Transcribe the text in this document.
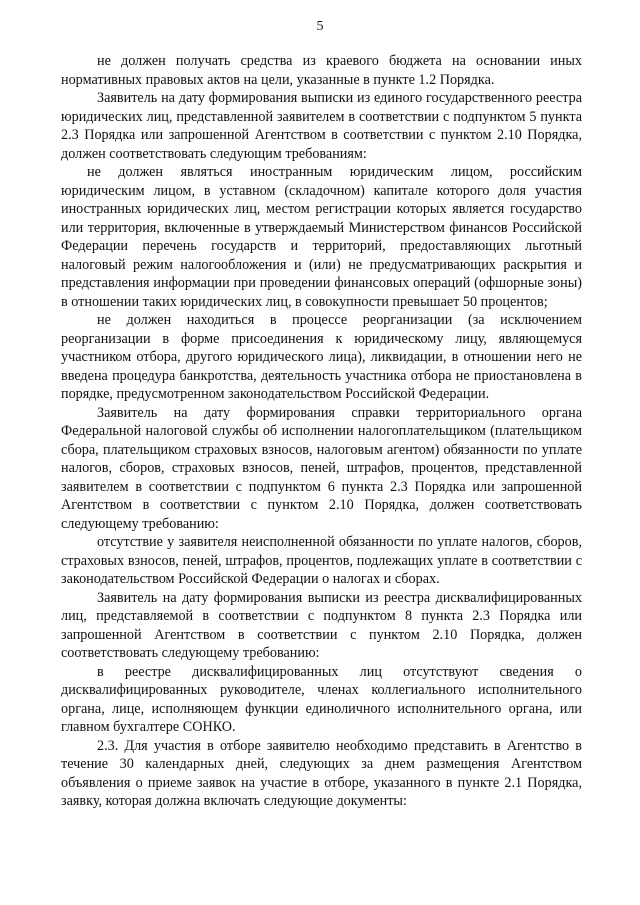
5

не должен получать средства из краевого бюджета на основании иных нормативных правовых актов на цели, указанные в пункте 1.2 Порядка.

Заявитель на дату формирования выписки из единого государственного реестра юридических лиц, представленной заявителем в соответствии с подпунктом 5 пункта 2.3 Порядка или запрошенной Агентством в соответствии с пунктом 2.10 Порядка, должен соответствовать следующим требованиям:

не должен являться иностранным юридическим лицом, российским юридическим лицом, в уставном (складочном) капитале которого доля участия иностранных юридических лиц, местом регистрации которых является государство или территория, включенные в утверждаемый Министерством финансов Российской Федерации перечень государств и территорий, предоставляющих льготный налоговый режим налогообложения и (или) не предусматривающих раскрытия и представления информации при проведении финансовых операций (офшорные зоны) в отношении таких юридических лиц, в совокупности превышает 50 процентов;

не должен находиться в процессе реорганизации (за исключением реорганизации в форме присоединения к юридическому лицу, являющемуся участником отбора, другого юридического лица), ликвидации, в отношении него не введена процедура банкротства, деятельность участника отбора не приостановлена в порядке, предусмотренном законодательством Российской Федерации.

Заявитель на дату формирования справки территориального органа Федеральной налоговой службы об исполнении налогоплательщиком (плательщиком сбора, плательщиком страховых взносов, налоговым агентом) обязанности по уплате налогов, сборов, страховых взносов, пеней, штрафов, процентов, представленной заявителем в соответствии с подпунктом 6 пункта 2.3 Порядка или запрошенной Агентством в соответствии с пунктом 2.10 Порядка, должен соответствовать следующему требованию:

отсутствие у заявителя неисполненной обязанности по уплате налогов, сборов, страховых взносов, пеней, штрафов, процентов, подлежащих уплате в соответствии с законодательством Российской Федерации о налогах и сборах.

Заявитель на дату формирования выписки из реестра дисквалифицированных лиц, представляемой в соответствии с подпунктом 8 пункта 2.3 Порядка или запрошенной Агентством в соответствии с пунктом 2.10 Порядка, должен соответствовать следующему требованию:

в реестре дисквалифицированных лиц отсутствуют сведения о дисквалифицированных руководителе, членах коллегиального исполнительного органа, лице, исполняющем функции единоличного исполнительного органа, или главном бухгалтере СОНКО.

2.3. Для участия в отборе заявителю необходимо представить в Агентство в течение 30 календарных дней, следующих за днем размещения Агентством объявления о приеме заявок на участие в отборе, указанного в пункте 2.1 Порядка, заявку, которая должна включать следующие документы:
